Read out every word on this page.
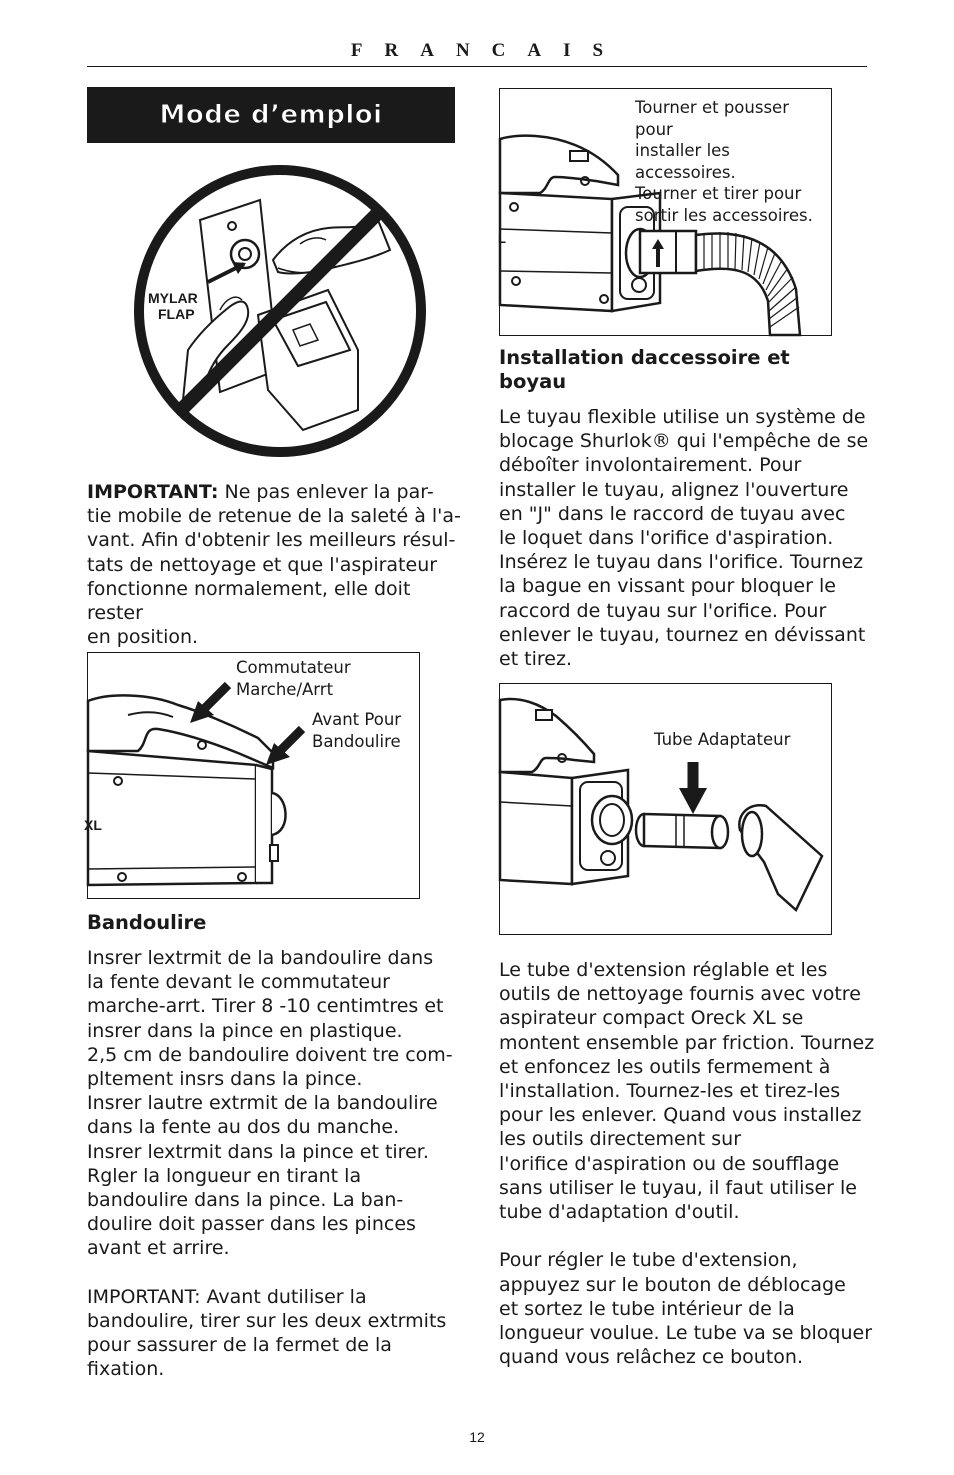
FRANCAIS
Mode d’emploi
MYLAR
FLAP
IMPORTANT: Ne pas enlever la par-
tie mobile de retenue de la saleté à l'a-
vant. Afin d'obtenir les meilleurs résul-
tats de nettoyage et que l'aspirateur
fonctionne normalement, elle doit rester
en position.
XL
Commutateur
Marche/Arrt
Avant Pour
Bandoulire
Bandoulire
Insrer lextrmit de la bandoulire dans
la fente devant le commutateur
marche-arrt. Tirer 8 -10 centimtres et
insrer dans la pince en plastique.
2,5 cm de bandoulire doivent tre com-
pltement insrs dans la pince.
Insrer lautre extrmit de la bandoulire
dans la fente au dos du manche.
Insrer lextrmit dans la pince et tirer.
Rgler la longueur en tirant la
bandoulire dans la pince. La ban-
doulire doit passer dans les pinces
avant et arrire.
IMPORTANT: Avant dutiliser la
bandoulire, tirer sur les deux extrmits
pour sassurer de la fermet de la
fixation.
L
Tourner et pousser pour
installer les accessoires.
Tourner et tirer pour
sortir les accessoires.
Installation daccessoire et
boyau
Le tuyau flexible utilise un système de
blocage Shurlok® qui l'empêche de se
déboîter involontairement. Pour
installer le tuyau, alignez l'ouverture
en "J" dans le raccord de tuyau avec
le loquet dans l'orifice d'aspiration.
Insérez le tuyau dans l'orifice. Tournez
la bague en vissant pour bloquer le
raccord de tuyau sur l'orifice. Pour
enlever le tuyau, tournez en dévissant
et tirez.
Tube Adaptateur
Le tube d'extension réglable et les
outils de nettoyage fournis avec votre
aspirateur compact Oreck XL se
montent ensemble par friction. Tournez
et enfoncez les outils fermement à
l'installation. Tournez-les et tirez-les
pour les enlever. Quand vous installez
les outils directement sur
l'orifice d'aspiration ou de soufflage
sans utiliser le tuyau, il faut utiliser le
tube d'adaptation d'outil.
Pour régler le tube d'extension,
appuyez sur le bouton de déblocage
et sortez le tube intérieur de la
longueur voulue. Le tube va se bloquer
quand vous relâchez ce bouton.
12
